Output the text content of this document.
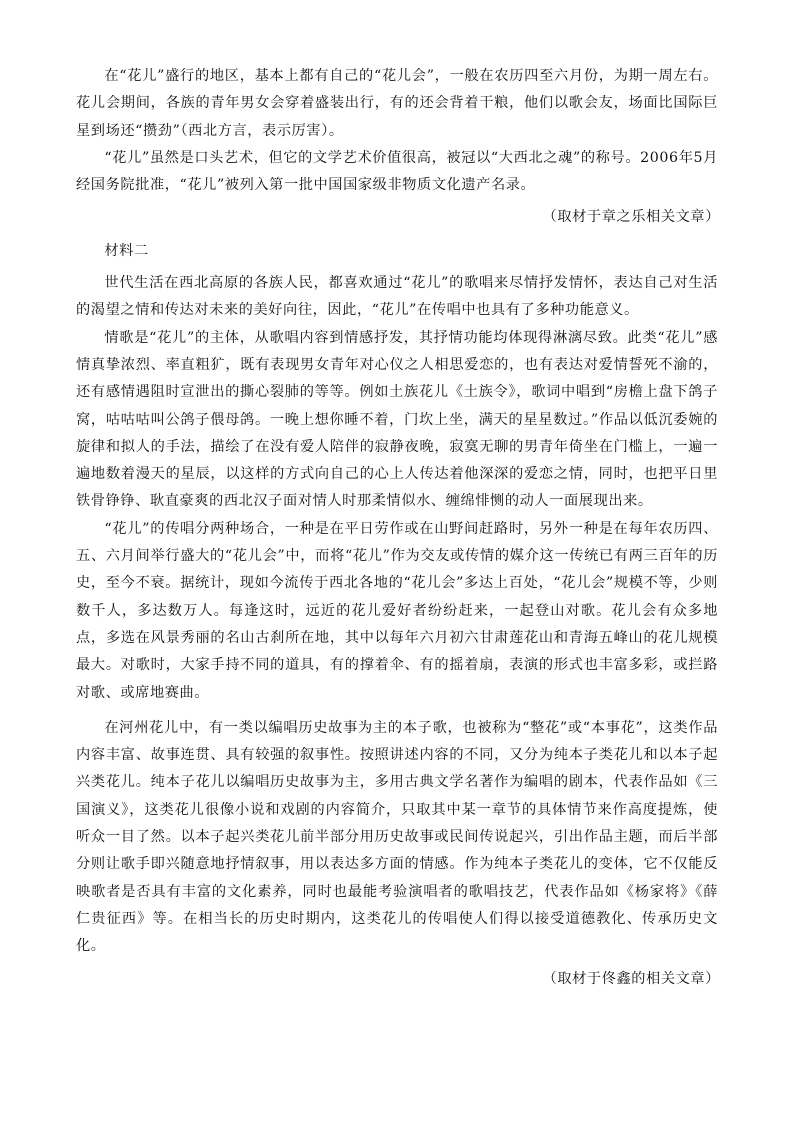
在“花儿”盛行的地区，基本上都有自己的“花儿会”，一般在农历四至六月份，为期一周左右。花儿会期间，各族的青年男女会穿着盛装出行，有的还会背着干粮，他们以歌会友，场面比国际巨星到场还“攒劲”（西北方言，表示厉害）。

“花儿”虽然是口头艺术，但它的文学艺术价值很高，被冠以“大西北之魂”的称号。2006年5月经国务院批准，“花儿”被列入第一批中国国家级非物质文化遗产名录。

（取材于章之乐相关文章）

材料二

世代生活在西北高原的各族人民，都喜欢通过“花儿”的歌唱来尽情抒发情怀，表达自己对生活的渴望之情和传达对未来的美好向往，因此，“花儿”在传唱中也具有了多种功能意义。

情歌是“花儿”的主体，从歌唱内容到情感抒发，其抒情功能均体现得淋漓尽致。此类“花儿”感情真挚浓烈、率直粗犷，既有表现男女青年对心仪之人相思爱恋的，也有表达对爱情誓死不渝的，还有感情遇阻时宣泄出的撕心裂肺的等等。例如土族花儿《土族令》，歌词中唱到“房檐上盘下鸽子窝，咕咕咕叫公鸽子偎母鸽。一晚上想你睡不着，门坎上坐，满天的星星数过。”作品以低沉委婉的旋律和拟人的手法，描绘了在没有爱人陪伴的寂静夜晚，寂寞无聊的男青年倚坐在门槛上，一遍一遍地数着漫天的星辰，以这样的方式向自己的心上人传达着他深深的爱恋之情，同时，也把平日里铁骨铮铮、耿直豪爽的西北汉子面对情人时那柔情似水、缠绵悱恻的动人一面展现出来。

“花儿”的传唱分两种场合，一种是在平日劳作或在山野间赶路时，另外一种是在每年农历四、五、六月间举行盛大的“花儿会”中，而将“花儿”作为交友或传情的媒介这一传统已有两三百年的历史，至今不衰。据统计，现如今流传于西北各地的“花儿会”多达上百处，“花儿会”规模不等，少则数千人，多达数万人。每逢这时，远近的花儿爱好者纷纷赶来，一起登山对歌。花儿会有众多地点，多选在风景秀丽的名山古刹所在地，其中以每年六月初六甘肃莲花山和青海五峰山的花儿规模最大。对歌时，大家手持不同的道具，有的撑着伞、有的摇着扇，表演的形式也丰富多彩，或拦路对歌、或席地赛曲。

在河州花儿中，有一类以编唱历史故事为主的本子歌，也被称为“整花”或“本事花”，这类作品内容丰富、故事连贯、具有较强的叙事性。按照讲述内容的不同，又分为纯本子类花儿和以本子起兴类花儿。纯本子花儿以编唱历史故事为主，多用古典文学名著作为编唱的剧本，代表作品如《三国演义》，这类花儿很像小说和戏剧的内容简介，只取其中某一章节的具体情节来作高度提炼，使听众一目了然。以本子起兴类花儿前半部分用历史故事或民间传说起兴，引出作品主题，而后半部分则让歌手即兴随意地抒情叙事，用以表达多方面的情感。作为纯本子类花儿的变体，它不仅能反映歌者是否具有丰富的文化素养，同时也最能考验演唱者的歌唱技艺，代表作品如《杨家将》《薛仁贵征西》等。在相当长的历史时期内，这类花儿的传唱使人们得以接受道德教化、传承历史文化。

（取材于佟鑫的相关文章）
